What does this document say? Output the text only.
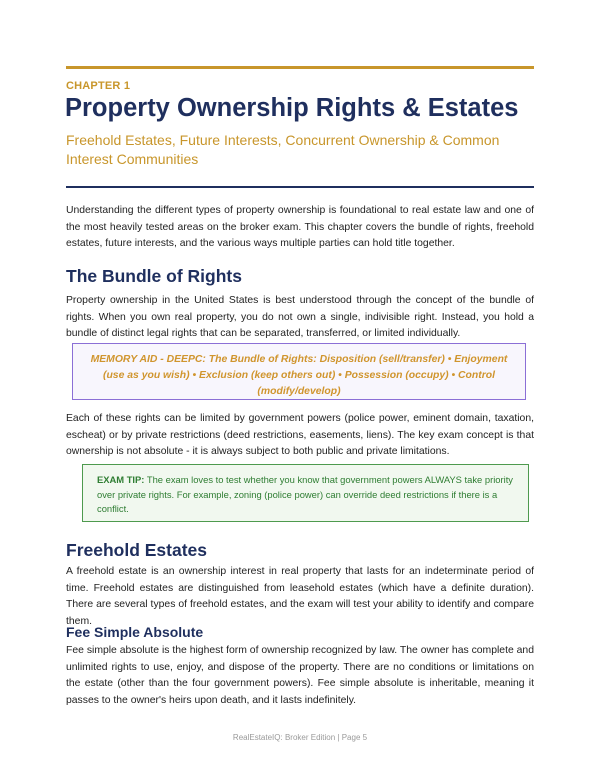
CHAPTER 1
Property Ownership Rights & Estates
Freehold Estates, Future Interests, Concurrent Ownership & Common Interest Communities
Understanding the different types of property ownership is foundational to real estate law and one of the most heavily tested areas on the broker exam. This chapter covers the bundle of rights, freehold estates, future interests, and the various ways multiple parties can hold title together.
The Bundle of Rights
Property ownership in the United States is best understood through the concept of the bundle of rights. When you own real property, you do not own a single, indivisible right. Instead, you hold a bundle of distinct legal rights that can be separated, transferred, or limited individually.
MEMORY AID - DEEPC: The Bundle of Rights: Disposition (sell/transfer) • Enjoyment (use as you wish) • Exclusion (keep others out) • Possession (occupy) • Control (modify/develop)
Each of these rights can be limited by government powers (police power, eminent domain, taxation, escheat) or by private restrictions (deed restrictions, easements, liens). The key exam concept is that ownership is not absolute - it is always subject to both public and private limitations.
EXAM TIP: The exam loves to test whether you know that government powers ALWAYS take priority over private rights. For example, zoning (police power) can override deed restrictions if there is a conflict.
Freehold Estates
A freehold estate is an ownership interest in real property that lasts for an indeterminate period of time. Freehold estates are distinguished from leasehold estates (which have a definite duration). There are several types of freehold estates, and the exam will test your ability to identify and compare them.
Fee Simple Absolute
Fee simple absolute is the highest form of ownership recognized by law. The owner has complete and unlimited rights to use, enjoy, and dispose of the property. There are no conditions or limitations on the estate (other than the four government powers). Fee simple absolute is inheritable, meaning it passes to the owner's heirs upon death, and it lasts indefinitely.
RealEstateIQ: Broker Edition | Page 5
